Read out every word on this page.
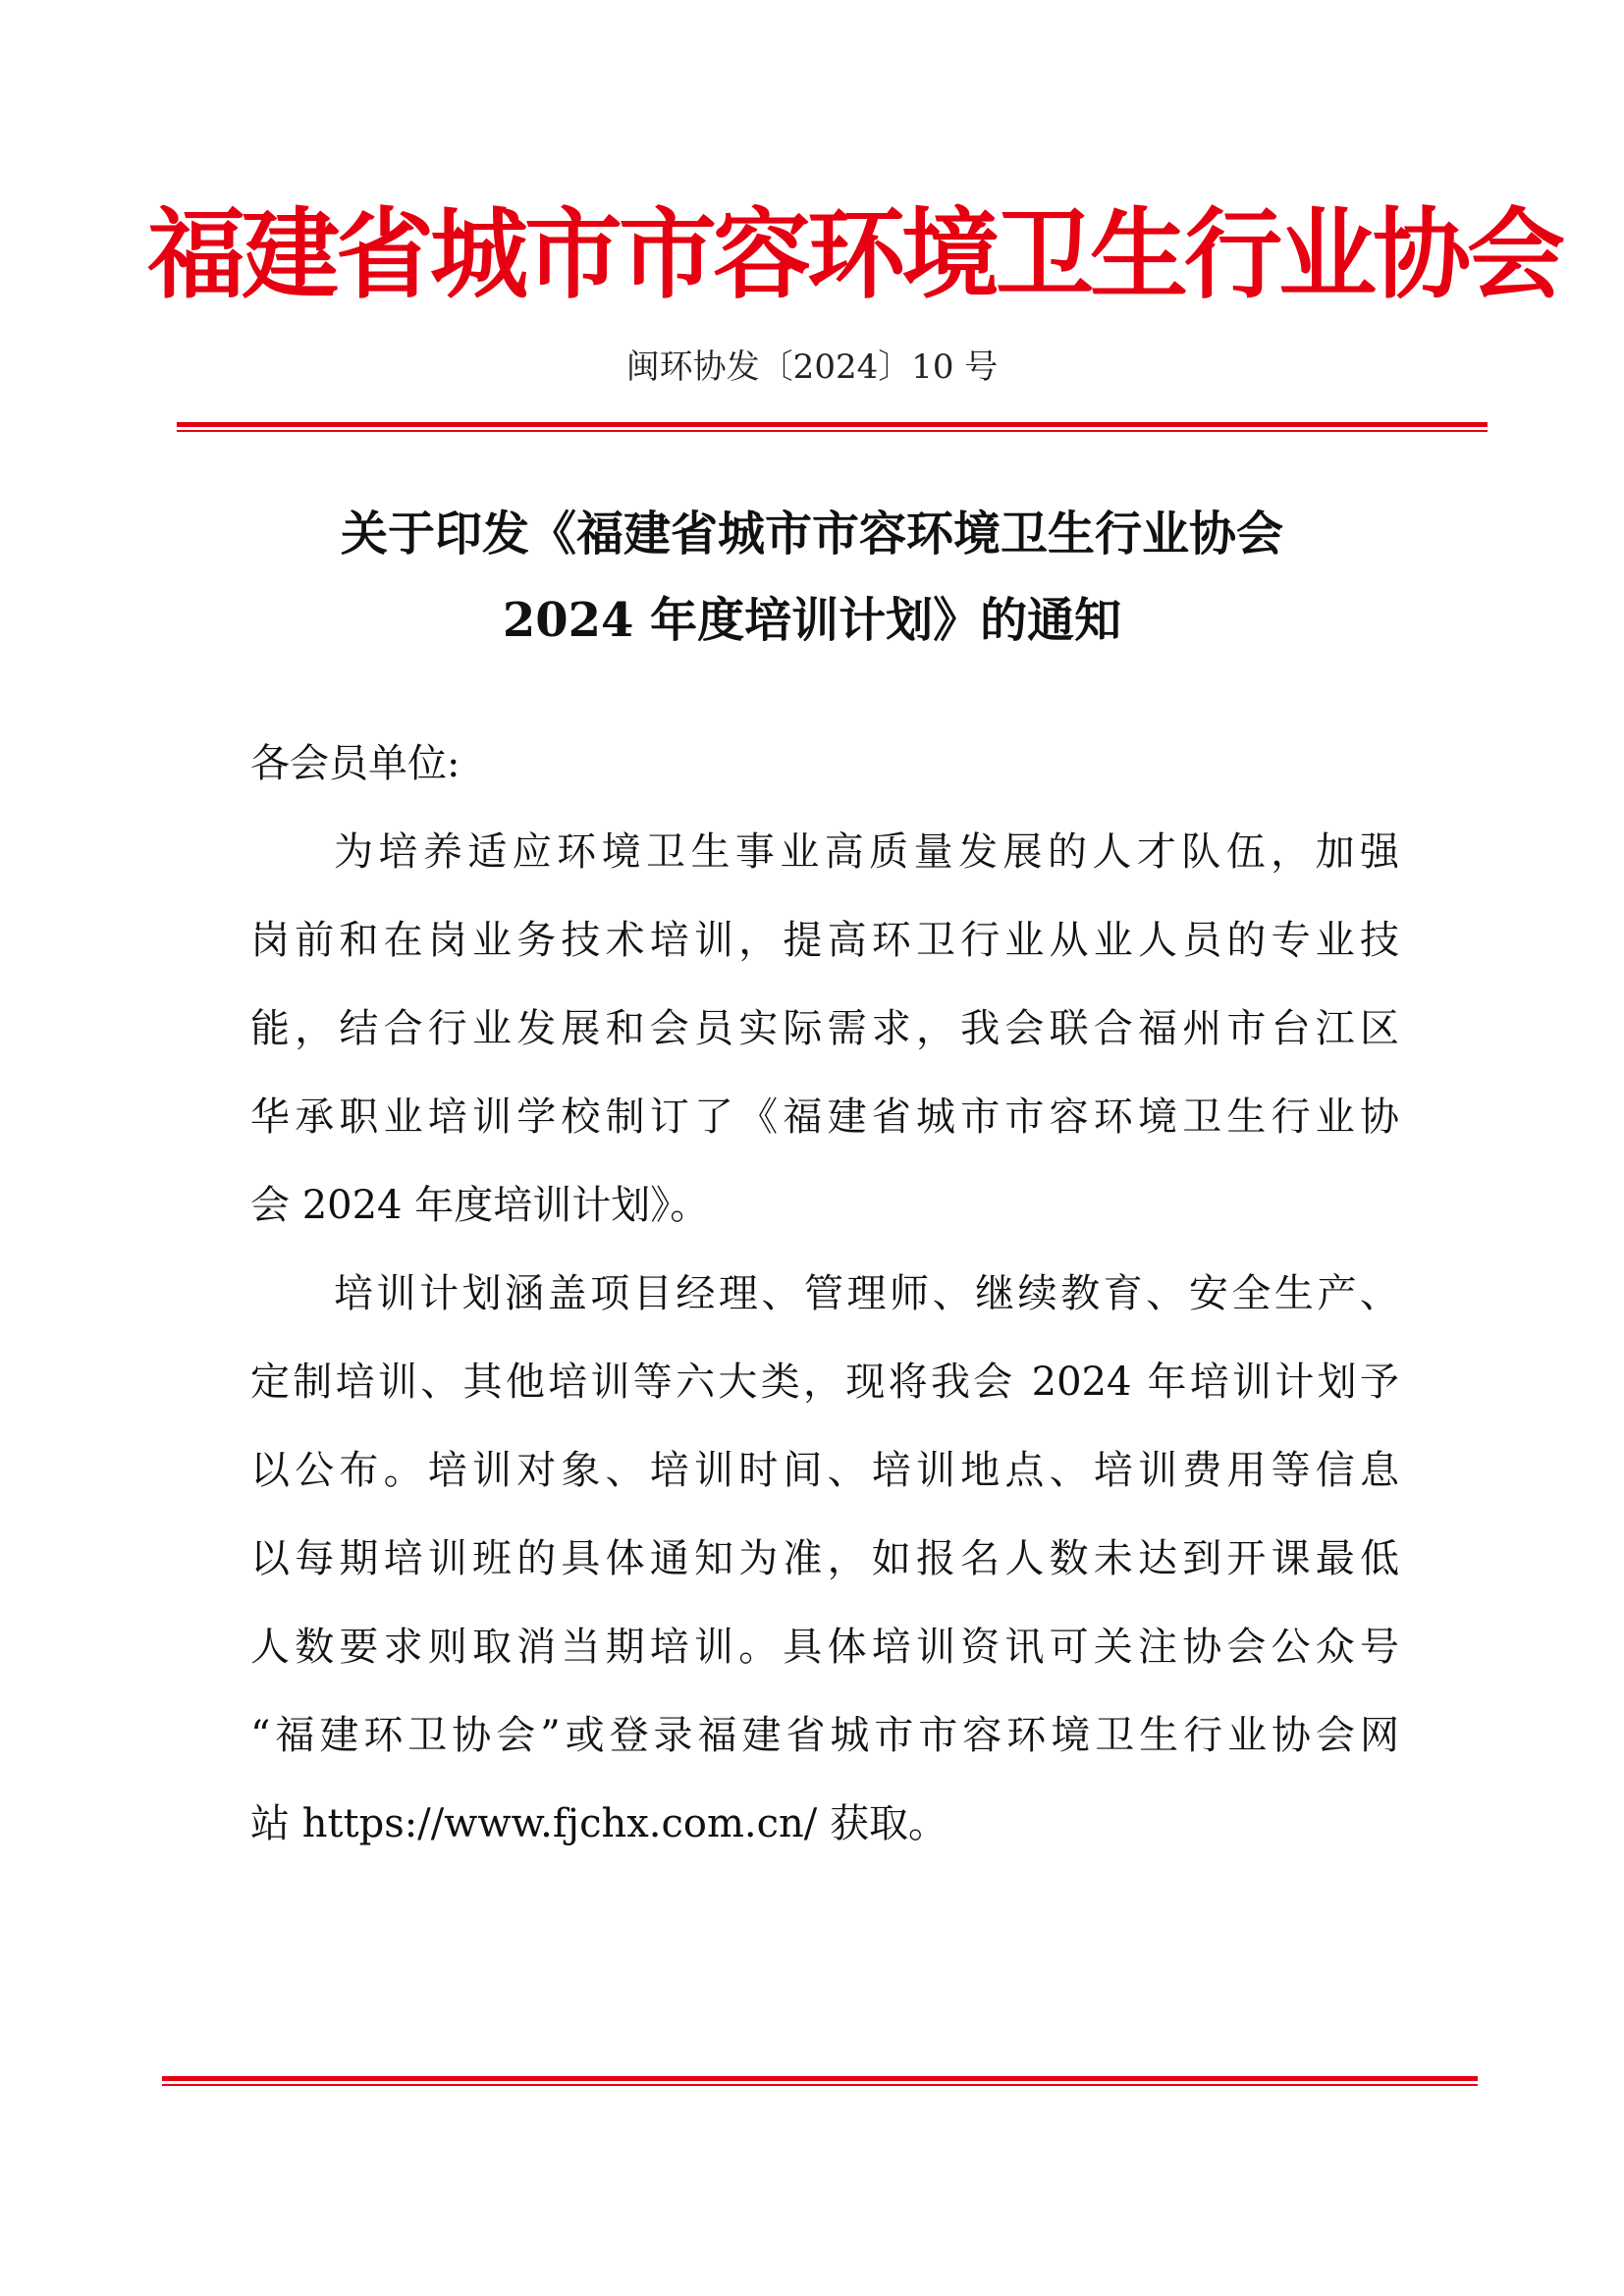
福建省城市市容环境卫生行业协会
闽环协发〔2024〕10 号
关于印发《福建省城市市容环境卫生行业协会
2024 年度培训计划》的通知
各会员单位:
为培养适应环境卫生事业高质量发展的人才队伍，加强
岗前和在岗业务技术培训，提高环卫行业从业人员的专业技
能，结合行业发展和会员实际需求，我会联合福州市台江区
华承职业培训学校制订了《福建省城市市容环境卫生行业协
会 2024 年度培训计划》。
培训计划涵盖项目经理、管理师、继续教育、安全生产、
定制培训、其他培训等六大类，现将我会 2024 年培训计划予
以公布。培训对象、培训时间、培训地点、培训费用等信息
以每期培训班的具体通知为准，如报名人数未达到开课最低
人数要求则取消当期培训。具体培训资讯可关注协会公众号
“福建环卫协会”或登录福建省城市市容环境卫生行业协会网
站 https://www.fjchx.com.cn/ 获取。
